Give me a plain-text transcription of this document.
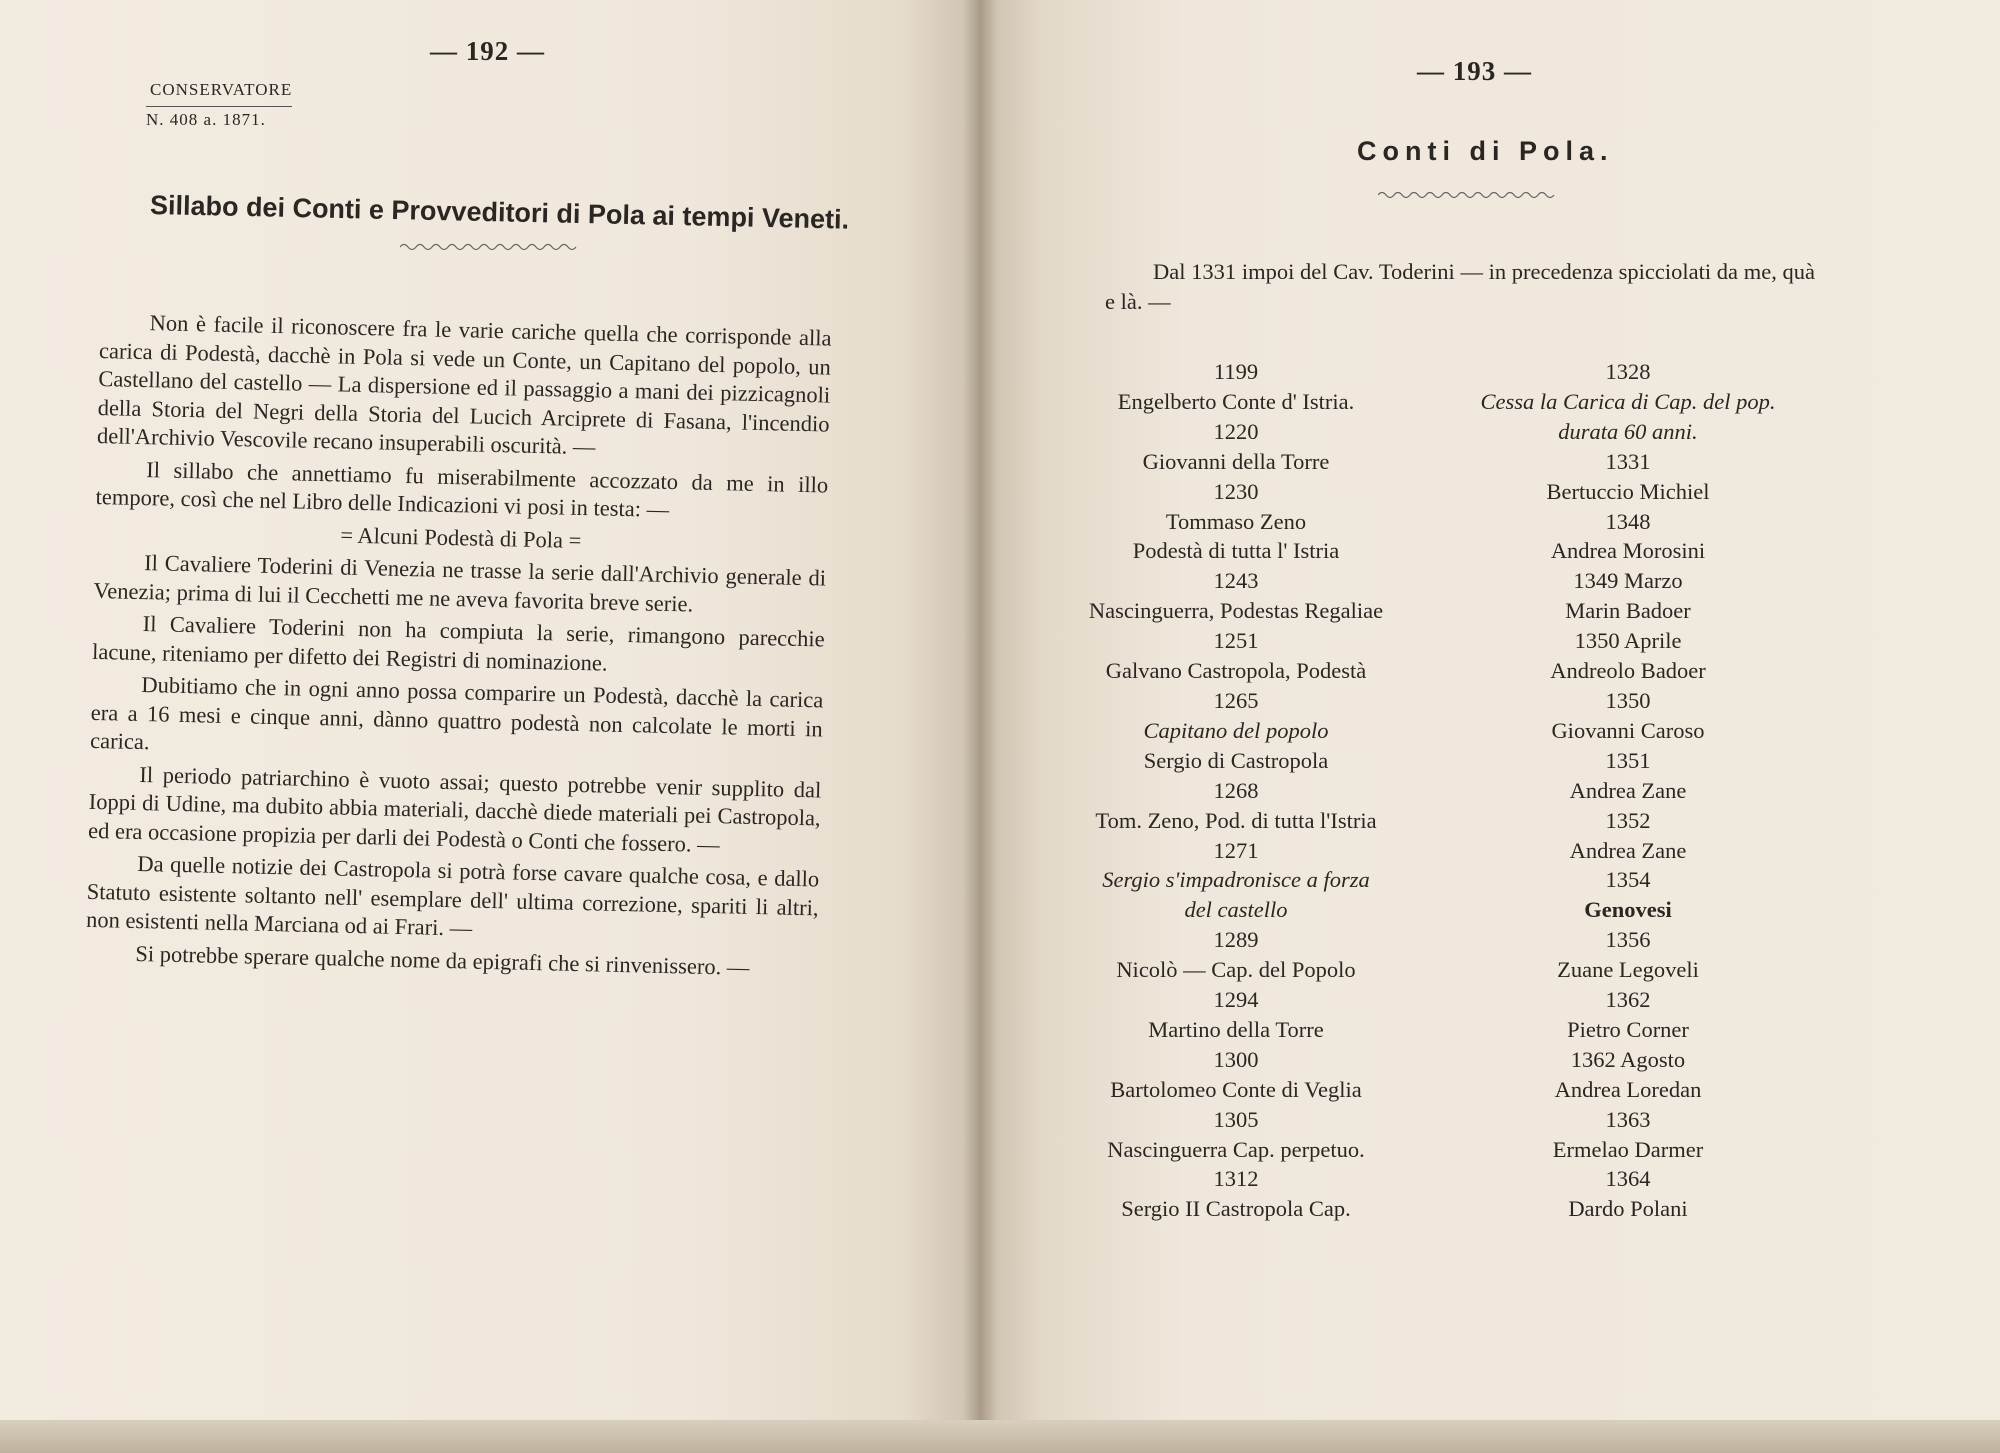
— 192 —
CONSERVATORE
N. 408 a. 1871.
Sillabo dei Conti e Provveditori di Pola ai tempi Veneti.

Non è facile il riconoscere fra le varie cariche quella che corrisponde alla carica di Podestà, dacchè in Pola si vede un Conte, un Capitano del popolo, un Castellano del castello — La dispersione ed il passaggio a mani dei pizzicagnoli della Storia del Negri della Storia del Lucich Arciprete di Fasana, l'incendio dell'Archivio Vescovile recano insuperabili oscurità. —

Il sillabo che annettiamo fu miserabilmente accozzato da me in illo tempore, così che nel Libro delle Indicazioni vi posi in testa: —

= Alcuni Podestà di Pola =

Il Cavaliere Toderini di Venezia ne trasse la serie dall'Archivio generale di Venezia; prima di lui il Cecchetti me ne aveva favorita breve serie.

Il Cavaliere Toderini non ha compiuta la serie, rimangono parecchie lacune, riteniamo per difetto dei Registri di nominazione.

Dubitiamo che in ogni anno possa comparire un Podestà, dacchè la carica era a 16 mesi e cinque anni, dànno quattro podestà non calcolate le morti in carica.

Il periodo patriarchino è vuoto assai; questo potrebbe venir supplito dal Ioppi di Udine, ma dubito abbia materiali, dacchè diede materiali pei Castropola, ed era occasione propizia per darli dei Podestà o Conti che fossero. —

Da quelle notizie dei Castropola si potrà forse cavare qualche cosa, e dallo Statuto esistente soltanto nell' esemplare dell' ultima correzione, spariti li altri, non esistenti nella Marciana od ai Frari. —

Si potrebbe sperare qualche nome da epigrafi che si rinvenissero. —

— 193 —
Conti di Pola.
Dal 1331 impoi del Cav. Toderini — in precedenza spicciolati da me, quà e là. —
1199
Engelberto Conte d' Istria.
1220
Giovanni della Torre
1230
Tommaso Zeno
Podestà di tutta l' Istria
1243
Nascinguerra, Podestas Regaliae
1251
Galvano Castropola, Podestà
1265
Capitano del popolo
Sergio di Castropola
1268
Tom. Zeno, Pod. di tutta l'Istria
1271
Sergio s'impadronisce a forza
del castello
1289
Nicolò — Cap. del Popolo
1294
Martino della Torre
1300
Bartolomeo Conte di Veglia
1305
Nascinguerra Cap. perpetuo.
1312
Sergio II Castropola Cap.
1328
Cessa la Carica di Cap. del pop.
durata 60 anni.
1331
Bertuccio Michiel
1348
Andrea Morosini
1349 Marzo
Marin Badoer
1350 Aprile
Andreolo Badoer
1350
Giovanni Caroso
1351
Andrea Zane
1352
Andrea Zane
1354
Genovesi
1356
Zuane Legoveli
1362
Pietro Corner
1362 Agosto
Andrea Loredan
1363
Ermelao Darmer
1364
Dardo Polani
